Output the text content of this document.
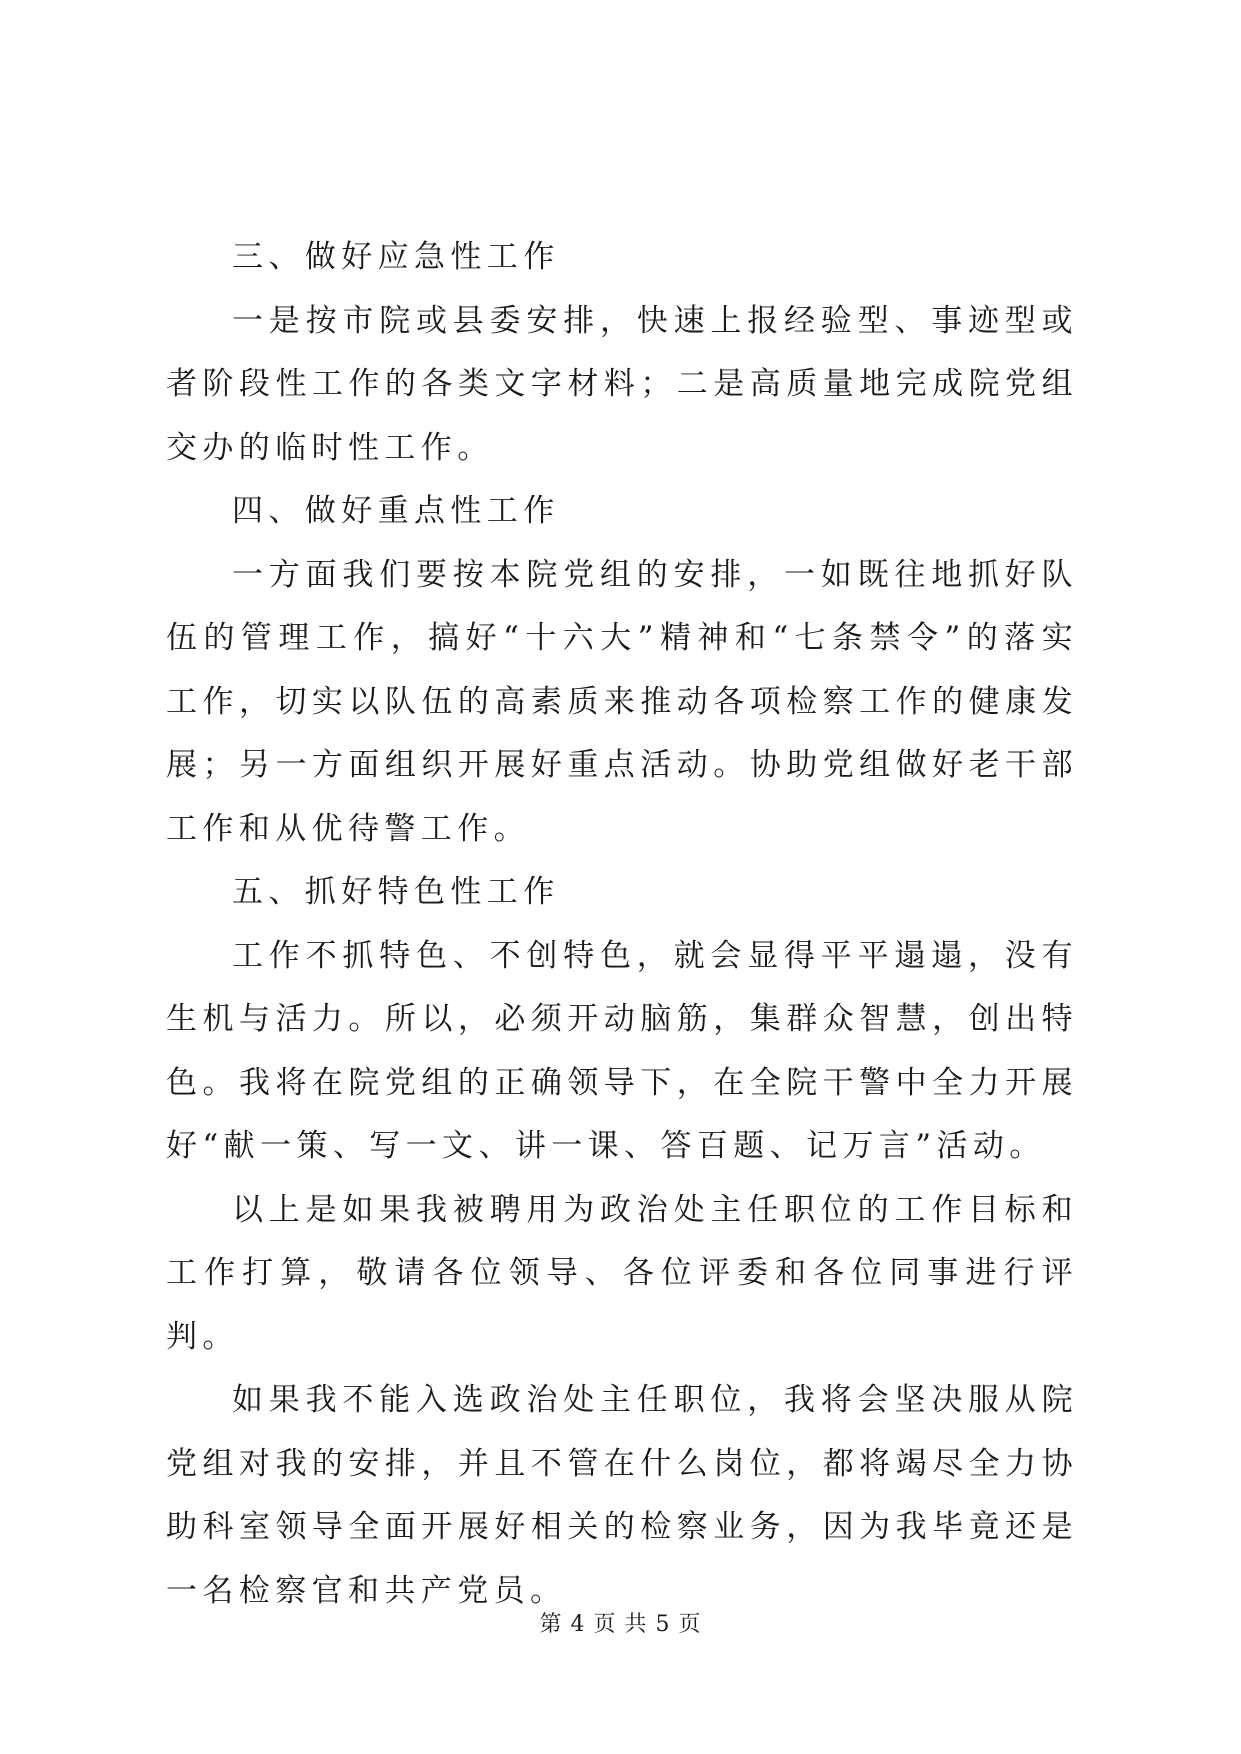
三、做好应急性工作

一是按市院或县委安排，快速上报经验型、事迹型或者阶段性工作的各类文字材料；二是高质量地完成院党组交办的临时性工作。

四、做好重点性工作

一方面我们要按本院党组的安排，一如既往地抓好队伍的管理工作，搞好“十六大”精神和“七条禁令”的落实工作，切实以队伍的高素质来推动各项检察工作的健康发展；另一方面组织开展好重点活动。协助党组做好老干部工作和从优待警工作。

五、抓好特色性工作

工作不抓特色、不创特色，就会显得平平遢遢，没有生机与活力。所以，必须开动脑筋，集群众智慧，创出特色。我将在院党组的正确领导下，在全院干警中全力开展好“献一策、写一文、讲一课、答百题、记万言”活动。

以上是如果我被聘用为政治处主任职位的工作目标和工作打算，敬请各位领导、各位评委和各位同事进行评判。

如果我不能入选政治处主任职位，我将会坚决服从院党组对我的安排，并且不管在什么岗位，都将竭尽全力协助科室领导全面开展好相关的检察业务，因为我毕竟还是一名检察官和共产党员。

第 4 页 共 5 页
